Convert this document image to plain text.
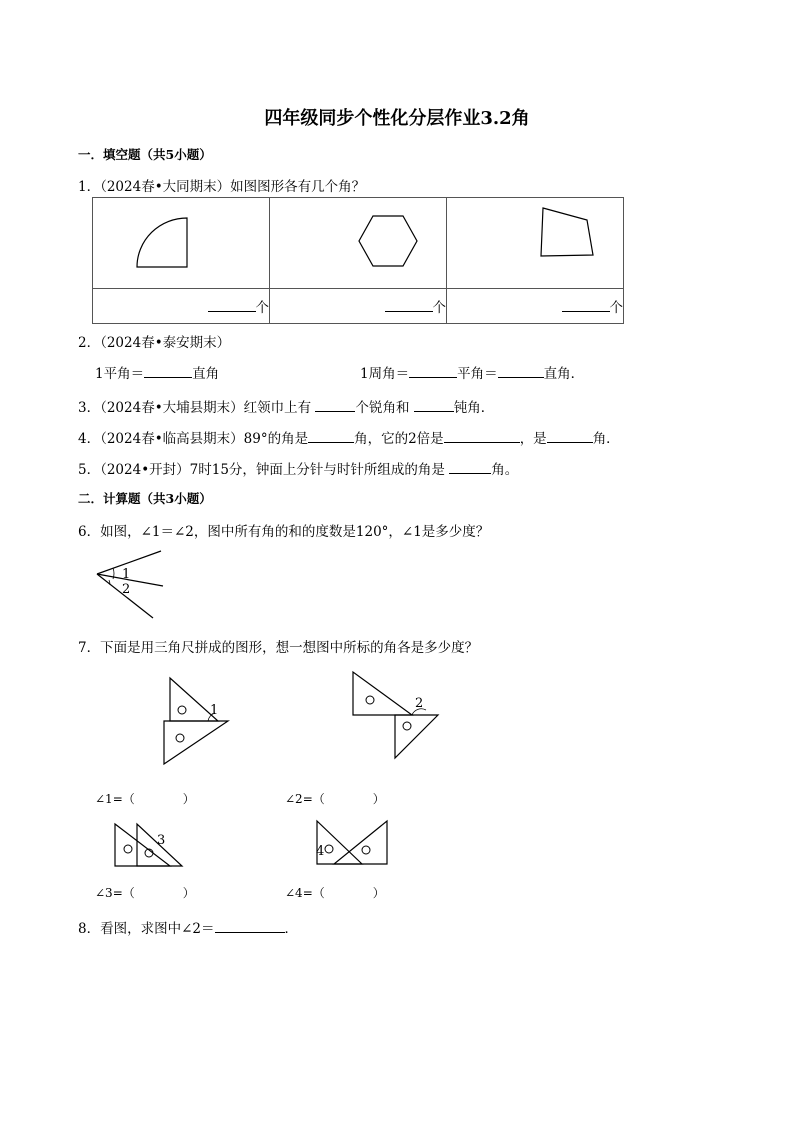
四年级同步个性化分层作业3.2角
一．填空题（共5小题）
1．（2024春•大同期末）如图图形各有几个角？

个	个	个
2．（2024春•泰安期末）
1平角＝	直角	1周角＝	平角＝	直角．
3．（2024春•大埔县期末）红领巾上有	个锐角和	钝角．
4．（2024春•临高县期末）89°的角是	角，它的2倍是	，是	角．
5．（2024•开封）7时15分，钟面上分针与时针所组成的角是	角。
二．计算题（共3小题）
6．如图，∠1＝∠2，图中所有角的和的度数是120°，∠1是多少度？
1
2
7．下面是用三角尺拼成的图形，想一想图中所标的角各是多少度？
1	2
∠1=（　　　　）	∠2=（　　　　）
3
4
∠3=（　　　　）	∠4=（　　　　）
8．看图，求图中∠2＝	．
